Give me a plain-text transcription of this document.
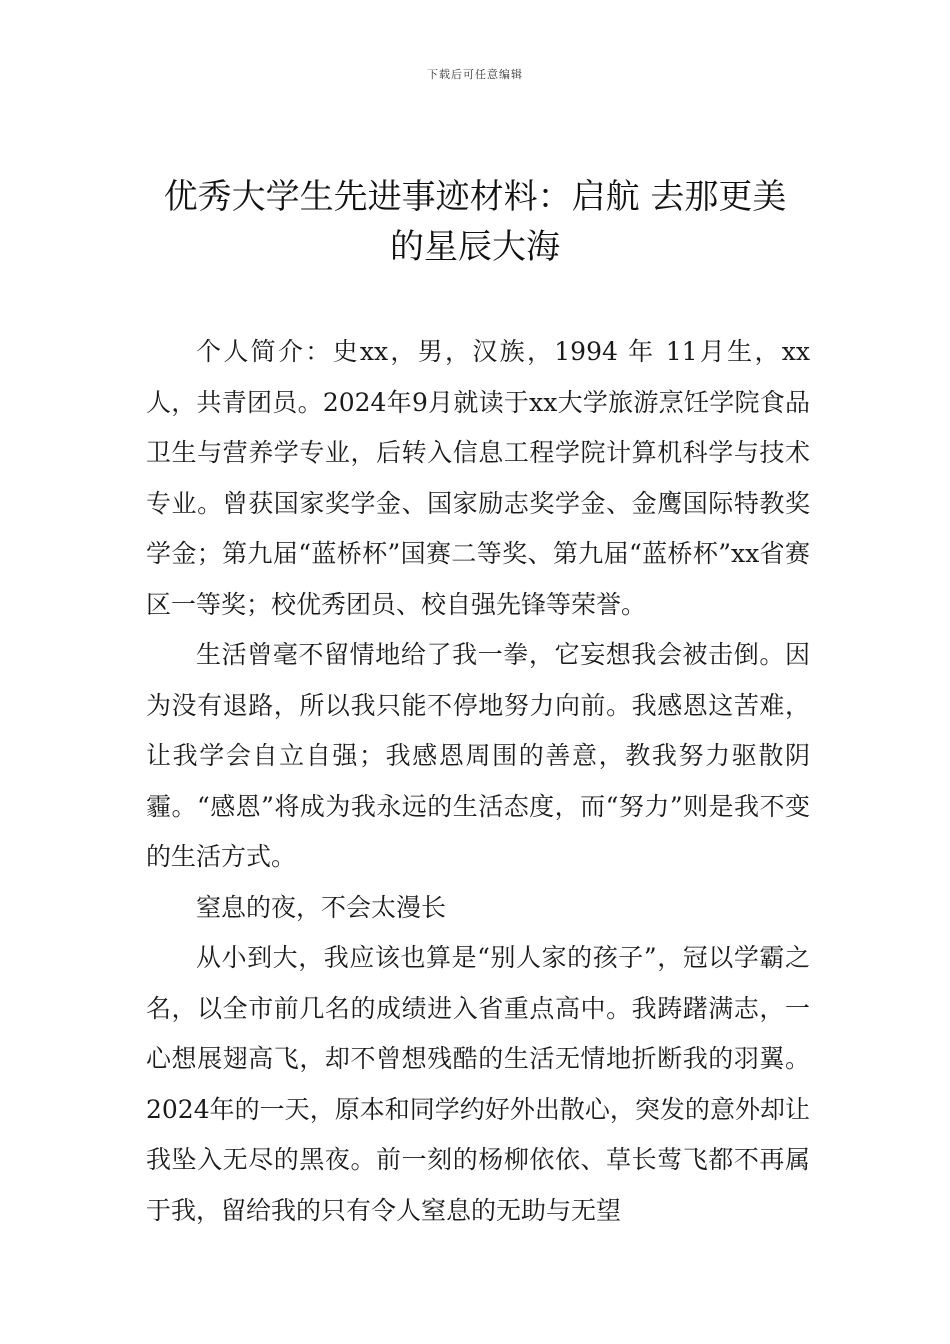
下载后可任意编辑
优秀大学生先进事迹材料：启航 去那更美
的星辰大海

个人简介：史xx，男，汉族，1994 年 11月生，xx人，共青团员。2024年9月就读于xx大学旅游烹饪学院食品卫生与营养学专业，后转入信息工程学院计算机科学与技术专业。曾获国家奖学金、国家励志奖学金、金鹰国际特教奖学金；第九届“蓝桥杯”国赛二等奖、第九届“蓝桥杯”xx省赛区一等奖；校优秀团员、校自强先锋等荣誉。

生活曾毫不留情地给了我一拳，它妄想我会被击倒。因为没有退路，所以我只能不停地努力向前。我感恩这苦难，让我学会自立自强；我感恩周围的善意，教我努力驱散阴霾。“感恩”将成为我永远的生活态度，而“努力”则是我不变的生活方式。

窒息的夜，不会太漫长

从小到大，我应该也算是“别人家的孩子”，冠以学霸之名，以全市前几名的成绩进入省重点高中。我踌躇满志，一心想展翅高飞，却不曾想残酷的生活无情地折断我的羽翼。2024年的一天，原本和同学约好外出散心，突发的意外却让我坠入无尽的黑夜。前一刻的杨柳依依、草长莺飞都不再属于我，留给我的只有令人窒息的无助与无望
